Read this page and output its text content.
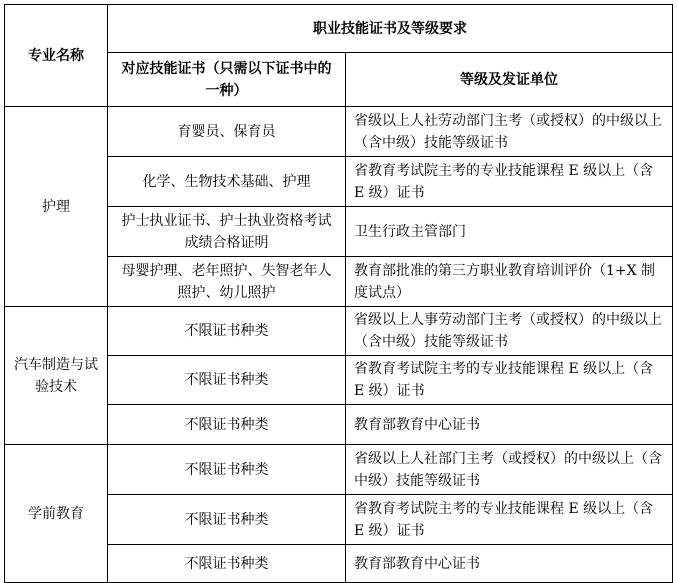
专业名称	职业技能证书及等级要求	
	对应技能证书（只需以下证书中的一种）	等级及发证单位
护理	育婴员、保育员	省级以上人社劳动部门主考（或授权）的中级以上（含中级）技能等级证书
	化学、生物技术基础、护理	省教育考试院主考的专业技能课程 E 级以上（含 E 级）证书
	护士执业证书、护士执业资格考试成绩合格证明	卫生行政主管部门
	母婴护理、老年照护、失智老年人照护、幼儿照护	教育部批准的第三方职业教育培训评价（1+X 制度试点）
汽车制造与试验技术	不限证书种类	省级以上人事劳动部门主考（或授权）的中级以上（含中级）技能等级证书
	不限证书种类	省教育考试院主考的专业技能课程 E 级以上（含 E 级）证书
	不限证书种类	教育部教育中心证书
学前教育	不限证书种类	省级以上人社部门主考（或授权）的中级以上（含中级）技能等级证书
	不限证书种类	省教育考试院主考的专业技能课程 E 级以上（含 E 级）证书
	不限证书种类	教育部教育中心证书
